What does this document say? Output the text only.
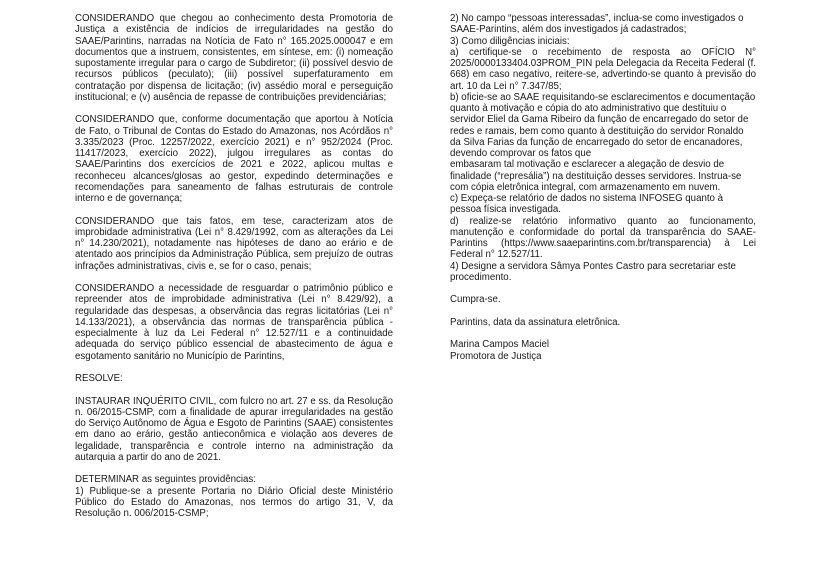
CONSIDERANDO que chegou ao conhecimento desta Promotoria de Justiça a existência de indícios de irregularidades na gestão do SAAE/Parintins, narradas na Notícia de Fato n° 165.2025.000047 e em documentos que a instruem, consistentes, em síntese, em: (i) nomeação supostamente irregular para o cargo de Subdiretor; (ii) possível desvio de recursos públicos (peculato); (iii) possível superfaturamento em contratação por dispensa de licitação; (iv) assédio moral e perseguição institucional; e (v) ausência de repasse de contribuições previdenciárias;

CONSIDERANDO que, conforme documentação que aportou à Notícia de Fato, o Tribunal de Contas do Estado do Amazonas, nos Acórdãos n° 3.335/2023 (Proc. 12257/2022, exercício 2021) e n° 952/2024 (Proc. 11417/2023, exercício 2022), julgou irregulares as contas do SAAE/Parintins dos exercícios de 2021 e 2022, aplicou multas e reconheceu alcances/glosas ao gestor, expedindo determinações e recomendações para saneamento de falhas estruturais de controle interno e de governança;

CONSIDERANDO que tais fatos, em tese, caracterizam atos de improbidade administrativa (Lei n° 8.429/1992, com as alterações da Lei n° 14.230/2021), notadamente nas hipóteses de dano ao erário e de atentado aos princípios da Administração Pública, sem prejuízo de outras infrações administrativas, civis e, se for o caso, penais;

CONSIDERANDO a necessidade de resguardar o patrimônio público e repreender atos de improbidade administrativa (Lei n° 8.429/92), a regularidade das despesas, a observância das regras licitatórias (Lei n° 14.133/2021), a observância das normas de transparência pública - especialmente à luz da Lei Federal n° 12.527/11 e a continuidade adequada do serviço público essencial de abastecimento de água e esgotamento sanitário no Município de Parintins,

RESOLVE:

INSTAURAR INQUÉRITO CIVIL, com fulcro no art. 27 e ss. da Resolução n. 06/2015-CSMP, com a finalidade de apurar irregularidades na gestão do Serviço Autônomo de Água e Esgoto de Parintins (SAAE) consistentes em dano ao erário, gestão antieconômica e violação aos deveres de legalidade, transparência e controle interno na administração da autarquia a partir do ano de 2021.

DETERMINAR as seguintes providências:
1) Publique-se a presente Portaria no Diário Oficial deste Ministério Público do Estado do Amazonas, nos termos do artigo 31, V, da Resolução n. 006/2015-CSMP;

2) No campo “pessoas interessadas”, inclua-se como investigados o SAAE-Parintins, além dos investigados já cadastrados;
3) Como diligências iniciais:
a) certifique-se o recebimento de resposta ao OFÍCIO N° 2025/0000133404.03PROM_PIN pela Delegacia da Receita Federal (f. 668) em caso negativo, reitere-se, advertindo-se quanto à previsão do art. 10 da Lei n° 7.347/85;
b) oficie-se ao SAAE requisitando-se esclarecimentos e documentação quanto à motivação e cópia do ato administrativo que destituiu o servidor Eliel da Gama Ribeiro da função de encarregado do setor de redes e ramais, bem como quanto à destituição do servidor Ronaldo da Silva Farias da função de encarregado do setor de encanadores, devendo comprovar os fatos que
embasaram tal motivação e esclarecer a alegação de desvio de finalidade (“represália”) na destituição desses servidores. Instrua-se com cópia eletrônica integral, com armazenamento em nuvem.
c) Expeça-se relatório de dados no sistema INFOSEG quanto à pessoa física investigada.
d) realize-se relatório informativo quanto ao funcionamento, manutenção e conformidade do portal da transparência do SAAE-Parintins (https://www.saaeparintins.com.br/transparencia) à Lei Federal n° 12.527/11.
4) Designe a servidora Sâmya Pontes Castro para secretariar este procedimento.
Cumpra-se.
Parintins, data da assinatura eletrônica.
Marina Campos Maciel
Promotora de Justiça
